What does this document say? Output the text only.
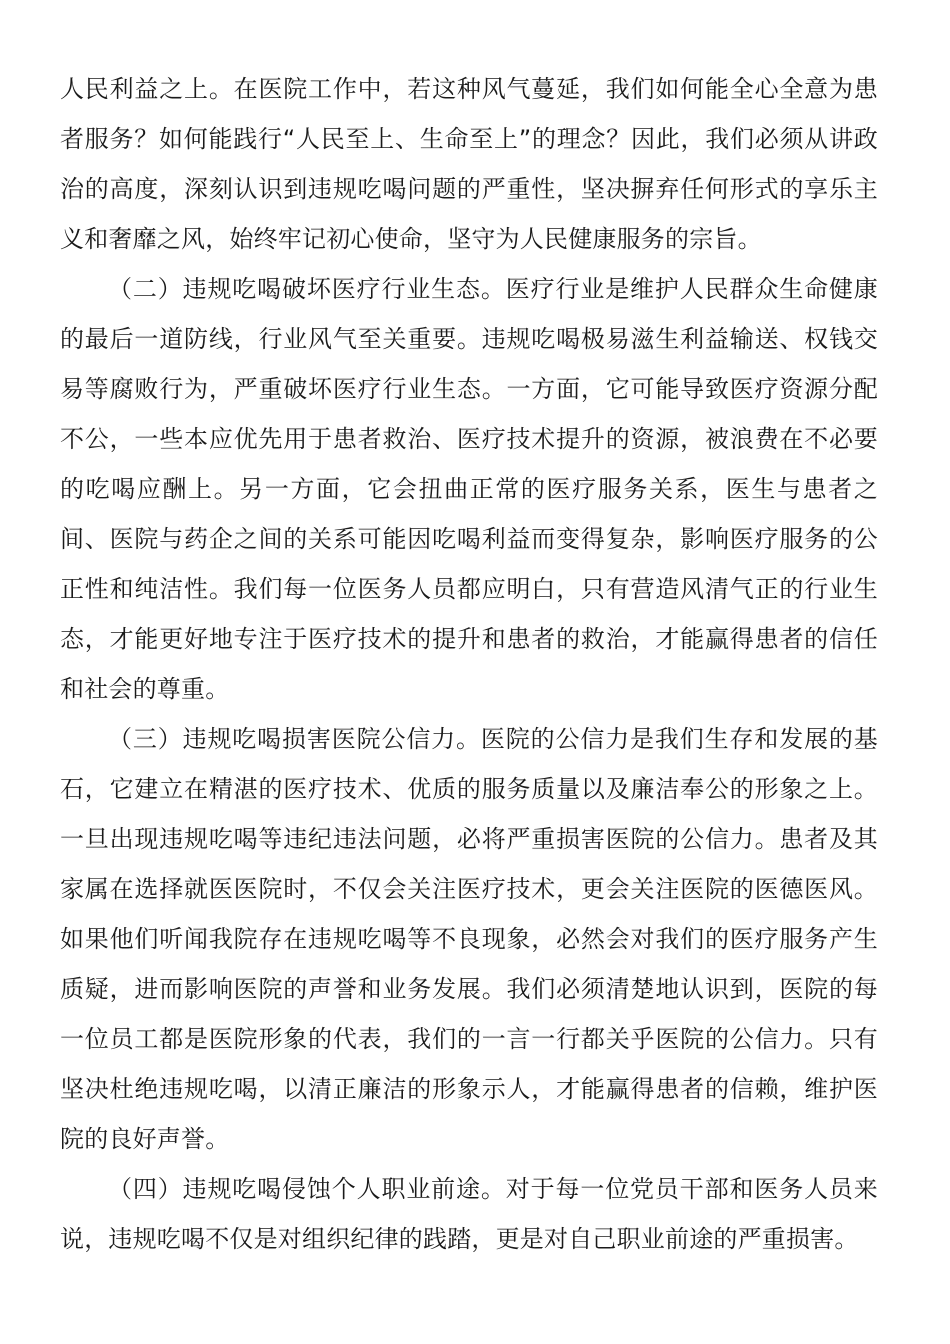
人民利益之上。在医院工作中，若这种风气蔓延，我们如何能全心全意为患者服务？如何能践行“人民至上、生命至上”的理念？因此，我们必须从讲政治的高度，深刻认识到违规吃喝问题的严重性，坚决摒弃任何形式的享乐主义和奢靡之风，始终牢记初心使命，坚守为人民健康服务的宗旨。

（二）违规吃喝破坏医疗行业生态。医疗行业是维护人民群众生命健康的最后一道防线，行业风气至关重要。违规吃喝极易滋生利益输送、权钱交易等腐败行为，严重破坏医疗行业生态。一方面，它可能导致医疗资源分配不公，一些本应优先用于患者救治、医疗技术提升的资源，被浪费在不必要的吃喝应酬上。另一方面，它会扭曲正常的医疗服务关系，医生与患者之间、医院与药企之间的关系可能因吃喝利益而变得复杂，影响医疗服务的公正性和纯洁性。我们每一位医务人员都应明白，只有营造风清气正的行业生态，才能更好地专注于医疗技术的提升和患者的救治，才能赢得患者的信任和社会的尊重。

（三）违规吃喝损害医院公信力。医院的公信力是我们生存和发展的基石，它建立在精湛的医疗技术、优质的服务质量以及廉洁奉公的形象之上。一旦出现违规吃喝等违纪违法问题，必将严重损害医院的公信力。患者及其家属在选择就医医院时，不仅会关注医疗技术，更会关注医院的医德医风。如果他们听闻我院存在违规吃喝等不良现象，必然会对我们的医疗服务产生质疑，进而影响医院的声誉和业务发展。我们必须清楚地认识到，医院的每一位员工都是医院形象的代表，我们的一言一行都关乎医院的公信力。只有坚决杜绝违规吃喝，以清正廉洁的形象示人，才能赢得患者的信赖，维护医院的良好声誉。

（四）违规吃喝侵蚀个人职业前途。对于每一位党员干部和医务人员来说，违规吃喝不仅是对组织纪律的践踏，更是对自己职业前途的严重损害。
